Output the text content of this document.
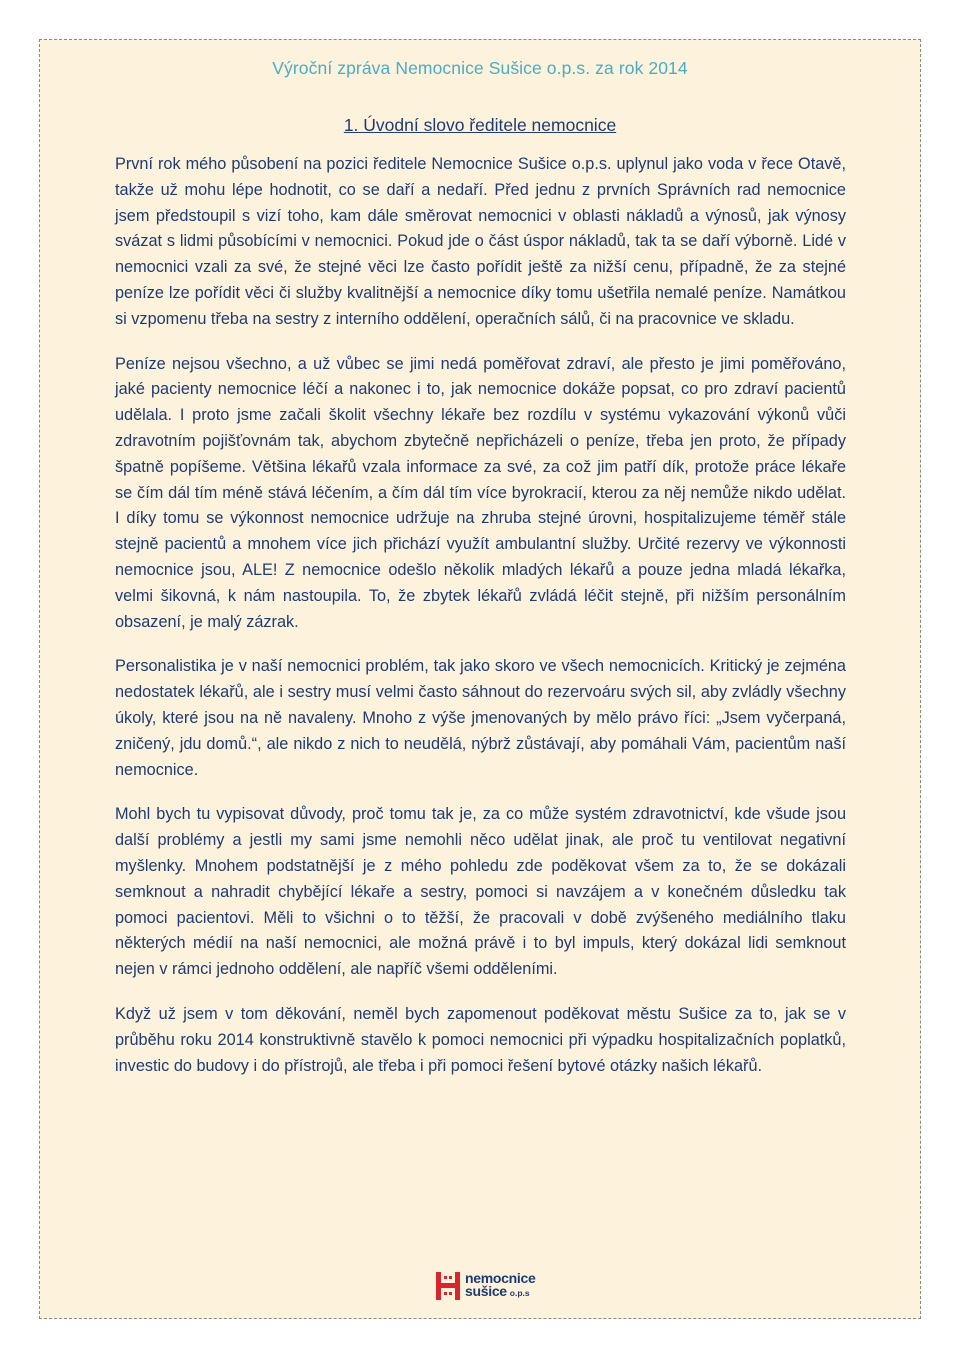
Výroční zpráva Nemocnice Sušice o.p.s. za rok 2014
1. Úvodní slovo ředitele nemocnice

První rok mého působení na pozici ředitele Nemocnice Sušice o.p.s. uplynul jako voda v řece Otavě, takže už mohu lépe hodnotit, co se daří a nedaří. Před jednu z prvních Správních rad nemocnice jsem předstoupil s vizí toho, kam dále směrovat nemocnici v oblasti nákladů a výnosů, jak výnosy svázat s lidmi působícími v nemocnici. Pokud jde o část úspor nákladů, tak ta se daří výborně. Lidé v nemocnici vzali za své, že stejné věci lze často pořídit ještě za nižší cenu, případně, že za stejné peníze lze pořídit věci či služby kvalitnější a nemocnice díky tomu ušetřila nemalé peníze. Namátkou si vzpomenu třeba na sestry z interního oddělení, operačních sálů, či na pracovnice ve skladu.

Peníze nejsou všechno, a už vůbec se jimi nedá poměřovat zdraví, ale přesto je jimi poměřováno, jaké pacienty nemocnice léčí a nakonec i to, jak nemocnice dokáže popsat, co pro zdraví pacientů udělala. I proto jsme začali školit všechny lékaře bez rozdílu v systému vykazování výkonů vůči zdravotním pojišťovnám tak, abychom zbytečně nepřicházeli o peníze, třeba jen proto, že případy špatně popíšeme. Většina lékařů vzala informace za své, za což jim patří dík, protože práce lékaře se čím dál tím méně stává léčením, a čím dál tím více byrokracií, kterou za něj nemůže nikdo udělat. I díky tomu se výkonnost nemocnice udržuje na zhruba stejné úrovni, hospitalizujeme téměř stále stejně pacientů a mnohem více jich přichází využít ambulantní služby. Určité rezervy ve výkonnosti nemocnice jsou, ALE! Z nemocnice odešlo několik mladých lékařů a pouze jedna mladá lékařka, velmi šikovná, k nám nastoupila. To, že zbytek lékařů zvládá léčit stejně, při nižším personálním obsazení, je malý zázrak.

Personalistika je v naší nemocnici problém, tak jako skoro ve všech nemocnicích. Kritický je zejména nedostatek lékařů, ale i sestry musí velmi často sáhnout do rezervoáru svých sil, aby zvládly všechny úkoly, které jsou na ně navaleny. Mnoho z výše jmenovaných by mělo právo říci: „Jsem vyčerpaná, zničený, jdu domů.“, ale nikdo z nich to neudělá, nýbrž zůstávají, aby pomáhali Vám, pacientům naší nemocnice.

Mohl bych tu vypisovat důvody, proč tomu tak je, za co může systém zdravotnictví, kde všude jsou další problémy a jestli my sami jsme nemohli něco udělat jinak, ale proč tu ventilovat negativní myšlenky. Mnohem podstatnější je z mého pohledu zde poděkovat všem za to, že se dokázali semknout a nahradit chybějící lékaře a sestry, pomoci si navzájem a v konečném důsledku tak pomoci pacientovi. Měli to všichni o to těžší, že pracovali v době zvýšeného mediálního tlaku některých médií na naší nemocnici, ale možná právě i to byl impuls, který dokázal lidi semknout nejen v rámci jednoho oddělení, ale napříč všemi odděleními.

Když už jsem v tom děkování, neměl bych zapomenout poděkovat městu Sušice za to, jak se v průběhu roku 2014 konstruktivně stavělo k pomoci nemocnici při výpadku hospitalizačních poplatků, investic do budovy i do přístrojů, ale třeba i při pomoci řešení bytové otázky našich lékařů.

nemocnice
sušice o.p.s
